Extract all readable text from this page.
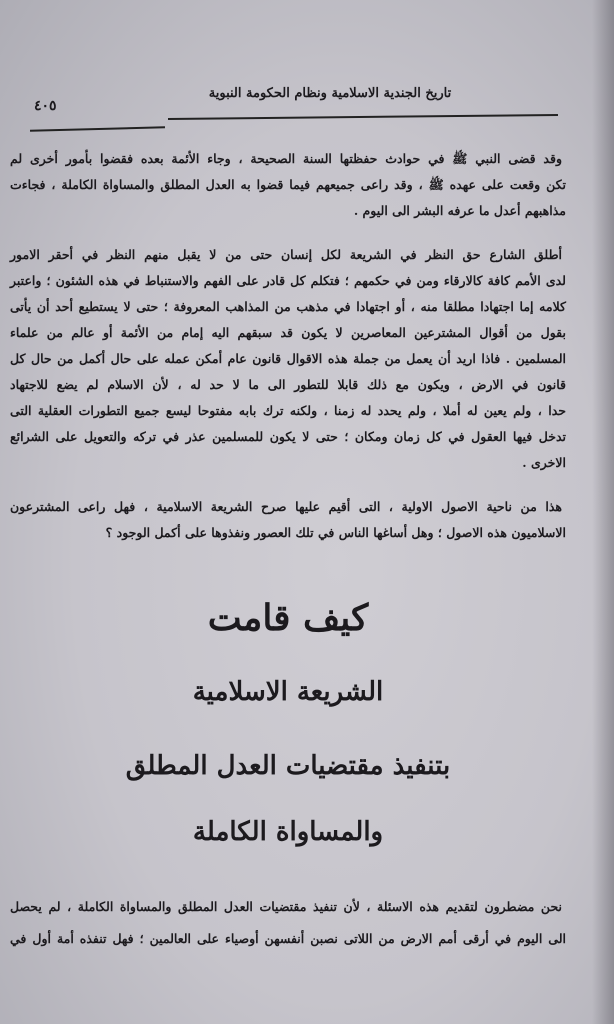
تاريخ الجندية الاسلامية ونظام الحكومة النبوية
٤٠٥
وقد قضى النبي ﷺ في حوادث حفظتها السنة الصحيحة ، وجاء الأئمة بعده فقضوا بأمور أخرى لم
تكن وقعت على عهده ﷺ ، وقد راعى جميعهم فيما قضوا به العدل المطلق والمساواة الكاملة ، فجاءت
مذاهبهم أعدل ما عرفه البشر الى اليوم .
أطلق الشارع حق النظر في الشريعة لكل إنسان حتى من لا يقبل منهم النظر في أحقر الامور
لدى الأمم كافة كالارقاء ومن في حكمهم ؛ فتكلم كل قادر على الفهم والاستنباط في هذه الشئون ؛ واعتبر
كلامه إما اجتهادا مطلقا منه ، أو اجتهادا في مذهب من المذاهب المعروفة ؛ حتى لا يستطيع أحد أن يأتى
بقول من أقوال المشترعين المعاصرين لا يكون قد سبقهم اليه إمام من الأئمة أو عالم من علماء
المسلمين . فاذا اريد أن يعمل من جملة هذه الاقوال قانون عام أمكن عمله على حال أكمل من حال كل
قانون في الارض ، ويكون مع ذلك قابلا للتطور الى ما لا حد له ، لأن الاسلام لم يضع للاجتهاد
حدا ، ولم يعين له أملا ، ولم يحدد له زمنا ، ولكنه ترك بابه مفتوحا ليسع جميع التطورات العقلية التى
تدخل فيها العقول في كل زمان ومكان ؛ حتى لا يكون للمسلمين عذر في تركه والتعويل على الشرائع
الاخرى .
هذا من ناحية الاصول الاولية ، التى أقيم عليها صرح الشريعة الاسلامية ، فهل راعى المشترعون
الاسلاميون هذه الاصول ؛ وهل أساغها الناس في تلك العصور ونفذوها على أكمل الوجود ؟
كيف قامت
الشريعة الاسلامية
بتنفيذ مقتضيات العدل المطلق
والمساواة الكاملة
نحن مضطرون لتقديم هذه الاسئلة ، لأن تنفيذ مقتضيات العدل المطلق والمساواة الكاملة ، لم يحصل
الى اليوم في أرقى أمم الارض من اللاتى نصبن أنفسهن أوصياء على العالمين ؛ فهل تنفذه أمة أول في
